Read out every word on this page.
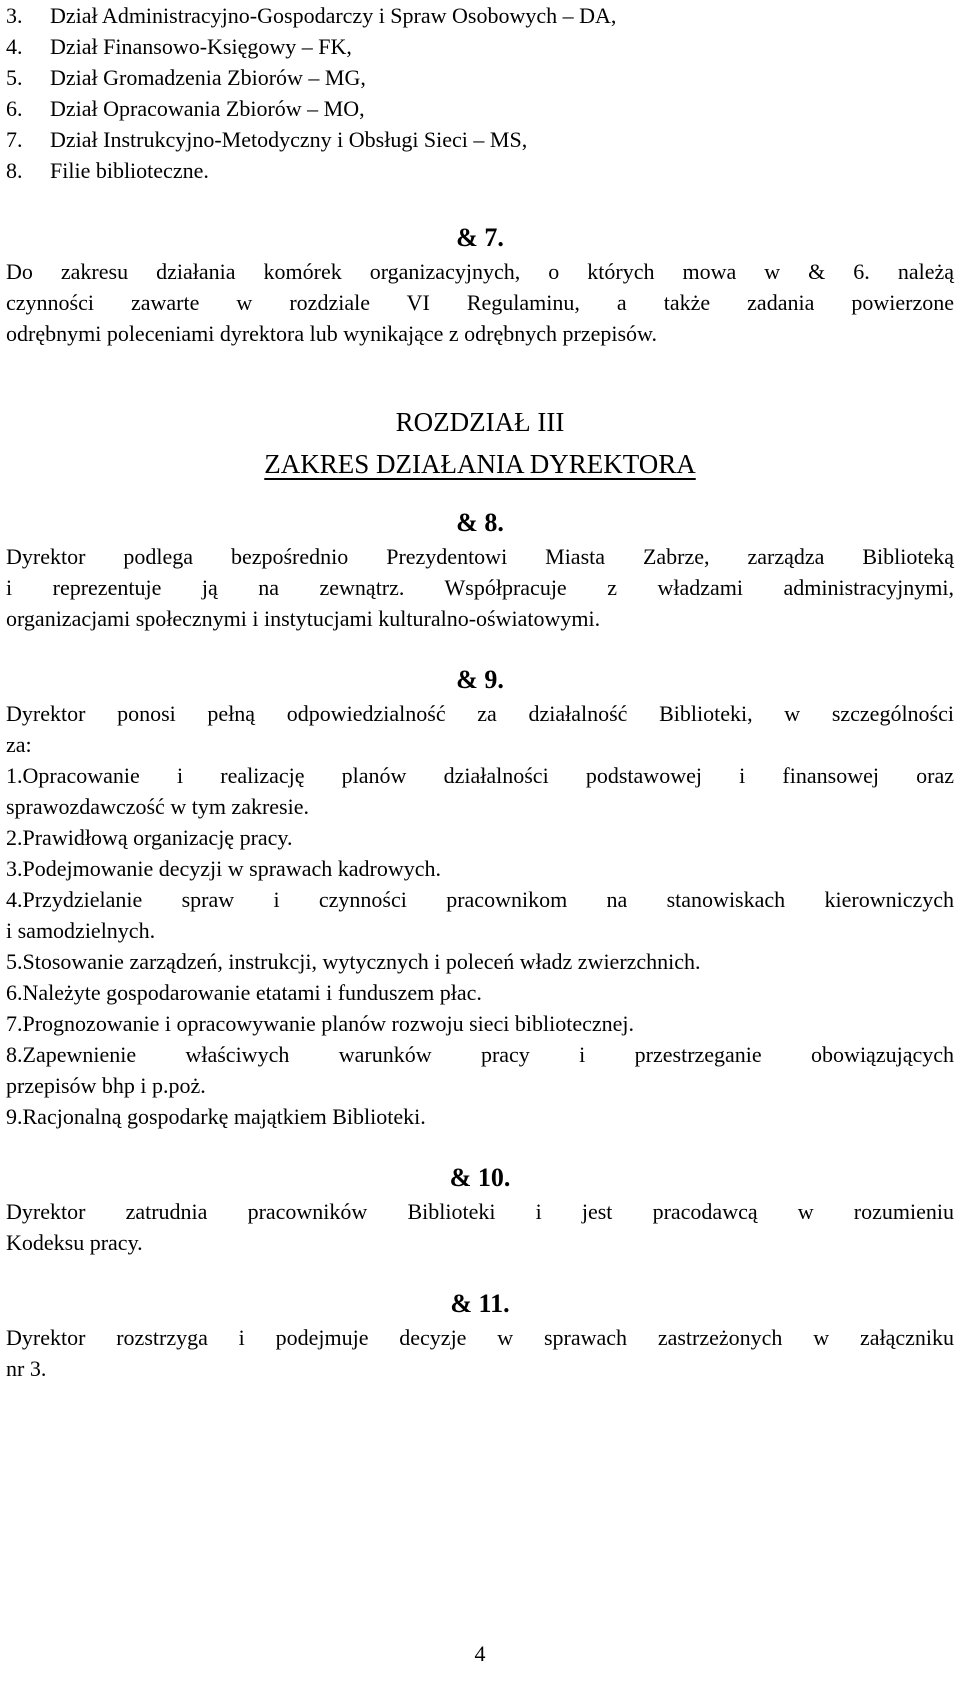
3.	Dział Administracyjno-Gospodarczy i Spraw Osobowych – DA,
4.	Dział Finansowo-Księgowy – FK,
5.	Dział Gromadzenia Zbiorów – MG,
6.	Dział Opracowania Zbiorów – MO,
7.	Dział Instrukcyjno-Metodyczny i Obsługi Sieci – MS,
8.	Filie biblioteczne.
& 7.
Do zakresu działania komórek organizacyjnych, o których mowa w & 6. należą
czynności zawarte w rozdziale VI Regulaminu, a także zadania powierzone
odrębnymi poleceniami dyrektora lub wynikające z odrębnych przepisów.
ROZDZIAŁ III
ZAKRES DZIAŁANIA DYREKTORA
& 8.
Dyrektor podlega bezpośrednio Prezydentowi Miasta Zabrze, zarządza Biblioteką
i reprezentuje ją na zewnątrz. Współpracuje z władzami administracyjnymi,
organizacjami społecznymi i instytucjami kulturalno-oświatowymi.
& 9.
Dyrektor ponosi pełną odpowiedzialność za działalność Biblioteki, w szczególności
za:
1.Opracowanie i realizację planów działalności podstawowej i finansowej oraz
sprawozdawczość w tym zakresie.
2.Prawidłową organizację pracy.
3.Podejmowanie decyzji w sprawach kadrowych.
4.Przydzielanie spraw i czynności pracownikom na stanowiskach kierowniczych
i samodzielnych.
5.Stosowanie zarządzeń, instrukcji, wytycznych i poleceń władz zwierzchnich.
6.Należyte gospodarowanie etatami i funduszem płac.
7.Prognozowanie i opracowywanie planów rozwoju sieci bibliotecznej.
8.Zapewnienie właściwych warunków pracy i przestrzeganie obowiązujących
przepisów bhp i p.poż.
9.Racjonalną gospodarkę majątkiem Biblioteki.
& 10.
Dyrektor zatrudnia pracowników Biblioteki i jest pracodawcą w rozumieniu
Kodeksu pracy.
& 11.
Dyrektor rozstrzyga i podejmuje decyzje w sprawach zastrzeżonych w załączniku
nr 3.
4
